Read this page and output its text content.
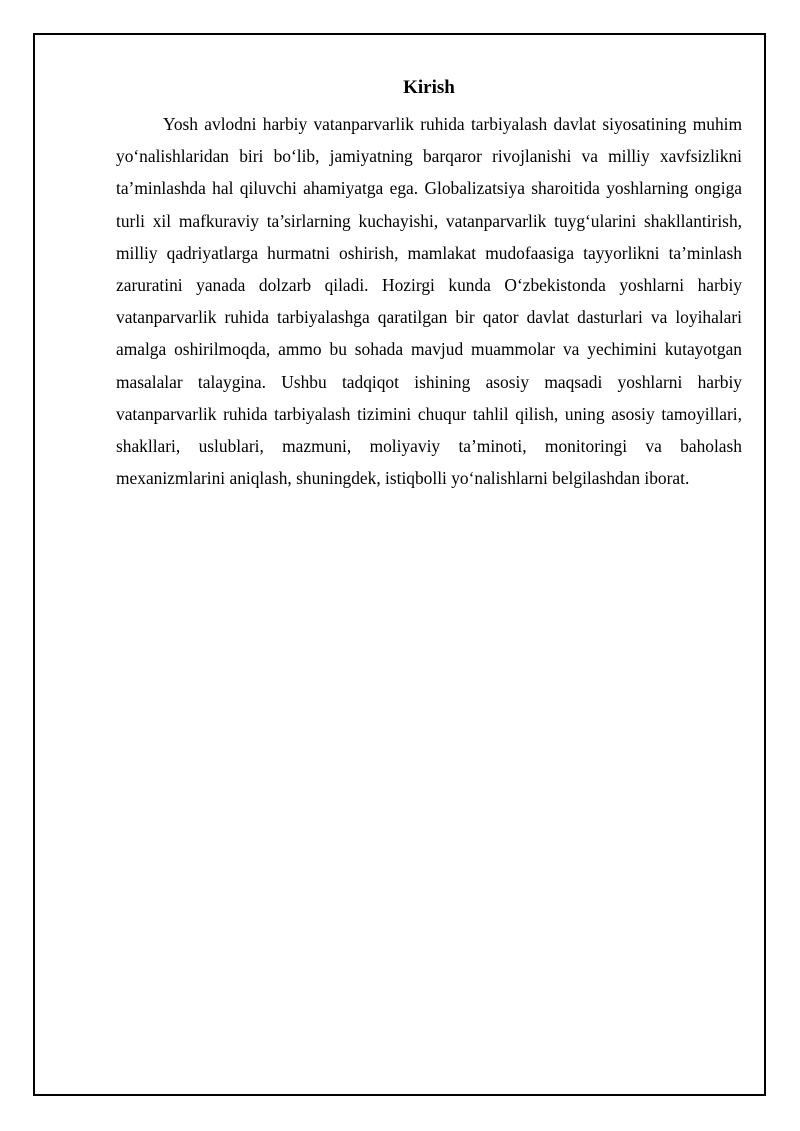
Kirish

Yosh avlodni harbiy vatanparvarlik ruhida tarbiyalash davlat siyosatining muhim yo‘nalishlaridan biri bo‘lib, jamiyatning barqaror rivojlanishi va milliy xavfsizlikni ta’minlashda hal qiluvchi ahamiyatga ega. Globalizatsiya sharoitida yoshlarning ongiga turli xil mafkuraviy ta’sirlarning kuchayishi, vatanparvarlik tuyg‘ularini shakllantirish, milliy qadriyatlarga hurmatni oshirish, mamlakat mudofaasiga tayyorlikni ta’minlash zaruratini yanada dolzarb qiladi. Hozirgi kunda O‘zbekistonda yoshlarni harbiy vatanparvarlik ruhida tarbiyalashga qaratilgan bir qator davlat dasturlari va loyihalari amalga oshirilmoqda, ammo bu sohada mavjud muammolar va yechimini kutayotgan masalalar talaygina. Ushbu tadqiqot ishining asosiy maqsadi yoshlarni harbiy vatanparvarlik ruhida tarbiyalash tizimini chuqur tahlil qilish, uning asosiy tamoyillari, shakllari, uslublari, mazmuni, moliyaviy ta’minoti, monitoringi va baholash mexanizmlarini aniqlash, shuningdek, istiqbolli yo‘nalishlarni belgilashdan iborat.
